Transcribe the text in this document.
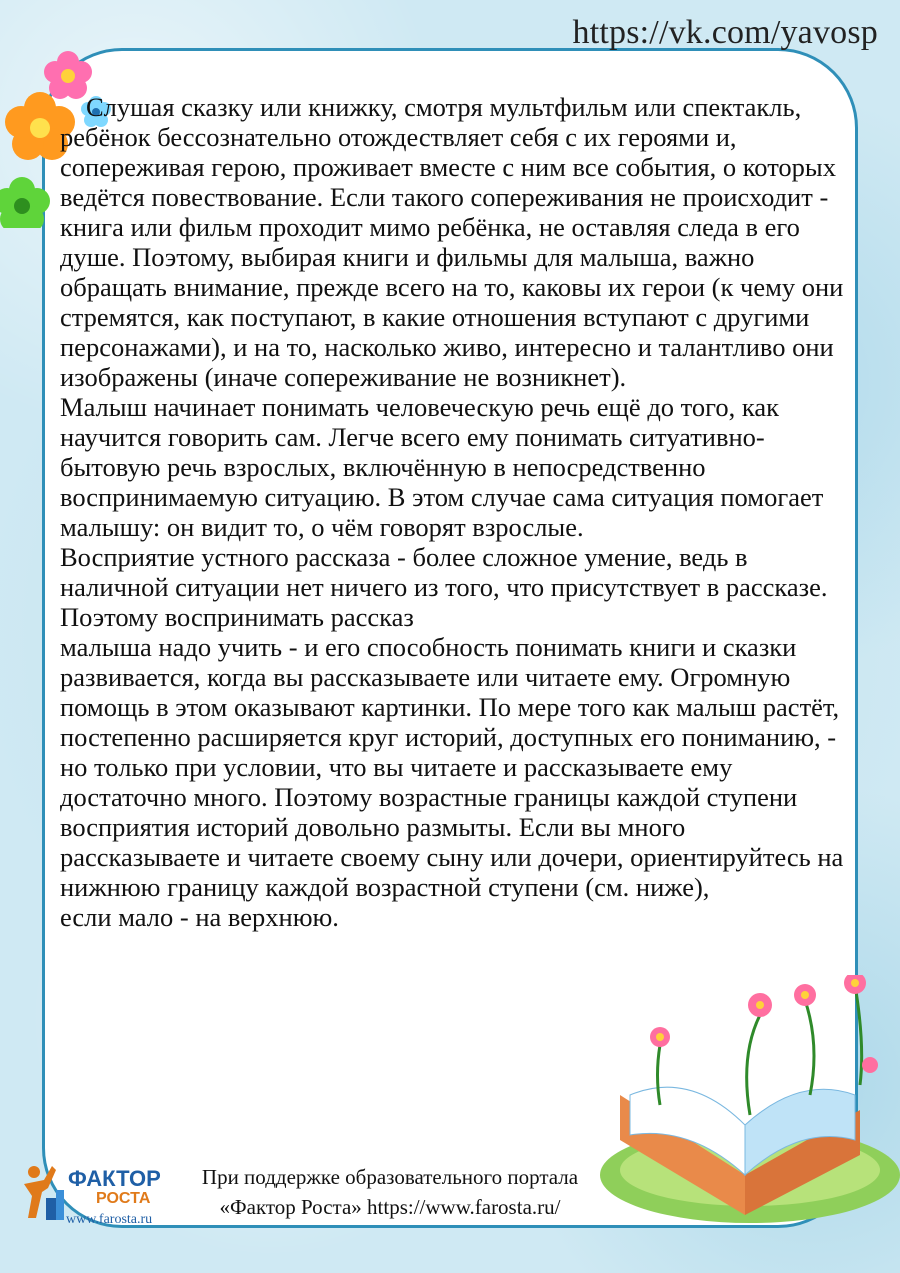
https://vk.com/yavosp

Слушая сказку или книжку, смотря мультфильм или спектакль, ребёнок бессознательно отождествляет себя с их героями и, сопереживая герою, проживает вместе с ним все события, о которых ведётся повествование. Если такого сопереживания не происходит - книга или фильм проходит мимо ребёнка, не оставляя следа в его душе. Поэтому, выбирая книги и фильмы для малыша, важно обращать внимание, прежде всего на то, каковы их герои (к чему они стремятся, как поступают, в какие отношения вступают с другими персонажами), и на то, насколько живо, интересно и талантливо они изображены (иначе сопереживание не возникнет).

Малыш начинает понимать человеческую речь ещё до того, как научится говорить сам. Легче всего ему понимать ситуативно-бытовую речь взрослых, включённую в непосредственно воспринимаемую ситуацию. В этом случае сама ситуация помогает малышу: он видит то, о чём говорят взрослые.

Восприятие устного рассказа - более сложное умение, ведь в наличной ситуации нет ничего из того, что присутствует в рассказе. Поэтому воспринимать рассказ

малыша надо учить - и его способность понимать книги и сказки развивается, когда вы рассказываете или читаете ему. Огромную помощь в этом оказывают картинки. По мере того как малыш растёт, постепенно расширяется круг историй, доступных его пониманию, - но только при условии, что вы читаете и рассказываете ему достаточно много. Поэтому возрастные границы каждой ступени восприятия историй довольно размыты. Если вы много рассказываете и читаете своему сыну или дочери, ориентируйтесь на нижнюю границу каждой возрастной ступени (см. ниже),

если мало - на верхнюю.

ФАКТОР
РОСТА
www.farosta.ru
При поддержке образовательного портала
«Фактор Роста» https://www.farosta.ru/
